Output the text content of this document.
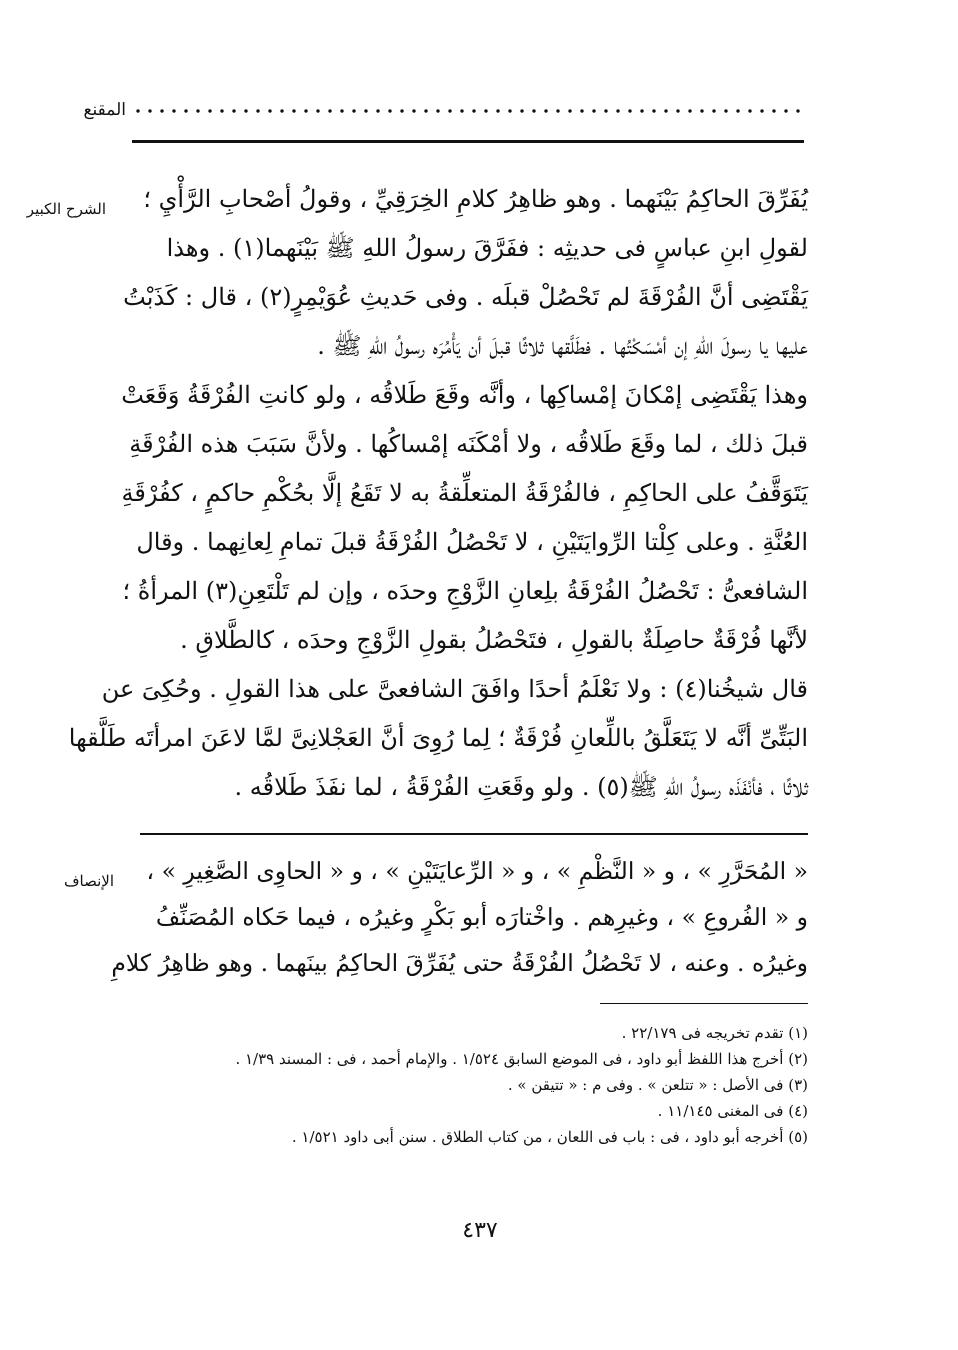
المقنع
الشرح الكبير	يُفَرِّقَ الحاكِمُ بَيْنَهما . وهو ظاهِرُ كلامِ الخِرَقِيِّ ، وقولُ أصْحابِ الرَّأْيِ ؛
لقولِ ابنِ عباسٍ فى حديثِه : ففَرَّقَ رسولُ اللهِ ﷺ بَيْنَهما(١) . وهذا
يَقْتَضِى أنَّ الفُرْقَةَ لم تَحْصُلْ قبلَه . وفى حَديثِ عُوَيْمِرٍ(٢) ، قال : كَذَبْتُ
عليها يا رسولَ اللهِ إن أمْسَكْتُها . فطَلَّقها ثلاثًا قبلَ أن يَأْمُرَه رسولُ اللهِ ﷺ .
وهذا يَقْتَضِى إمْكانَ إمْساكِها ، وأنَّه وقَعَ طَلاقُه ، ولو كانتِ الفُرْقَةُ وَقَعَتْ
قبلَ ذلك ، لما وقَعَ طَلاقُه ، ولا أمْكَنَه إمْساكُها . ولأنَّ سَبَبَ هذه الفُرْقَةِ
يَتَوَقَّفُ على الحاكِمِ ، فالفُرْقَةُ المتعلِّقةُ به لا تَقَعُ إلَّا بحُكْمِ حاكمٍ ، كفُرْقَةِ
العُنَّةِ . وعلى كِلْتا الرِّوايَتَيْنِ ، لا تَحْصُلُ الفُرْقَةُ قبلَ تمامِ لِعانِهما . وقال
الشافعىُّ : تَحْصُلُ الفُرْقَةُ بلِعانِ الزَّوْجِ وحدَه ، وإن لم تَلْتَعِنِ(٣) المرأةُ ؛
لأنَّها فُرْقَةٌ حاصِلَةٌ بالقولِ ، فتَحْصُلُ بقولِ الزَّوْجِ وحدَه ، كالطَّلاقِ .
قال شيخُنا(٤) : ولا نَعْلَمُ أحدًا وافَقَ الشافعىَّ على هذا القولِ . وحُكِىَ عن
البَتِّىِّ أنَّه لا يَتَعَلَّقُ باللِّعانِ فُرْقَةٌ ؛ لِما رُوِىَ أنَّ العَجْلانِىَّ لمَّا لاعَنَ امرأتَه طَلَّقها
ثلاثًا ، فأنْفَذَه رسولُ اللهِ ﷺ(٥) . ولو وقَعَتِ الفُرْقَةُ ، لما نفَذَ طَلاقُه .
الإنصاف	« المُحَرَّرِ » ، و « النَّظْمِ » ، و « الرِّعايَتَيْنِ » ، و « الحاوِى الصَّغِيرِ » ،
و « الفُروعِ » ، وغيرِهم . واخْتارَه أبو بَكْرٍ وغيرُه ، فيما حَكاه المُصَنِّفُ
وغيرُه . وعنه ، لا تَحْصُلُ الفُرْقَةُ حتى يُفَرِّقَ الحاكِمُ بينَهما . وهو ظاهِرُ كلامِ
(١) تقدم تخريجه فى ٢٢/١٧٩ .
(٢) أخرج هذا اللفظ أبو داود ، فى الموضع السابق ١/٥٢٤ . والإمام أحمد ، فى : المسند ١/٣٩ .
(٣) فى الأصل : « تتلعن » . وفى م : « تتيقن » .
(٤) فى المغنى ١١/١٤٥ .
(٥) أخرجه أبو داود ، فى : باب فى اللعان ، من كتاب الطلاق . سنن أبى داود ١/٥٢١ .
٤٣٧
